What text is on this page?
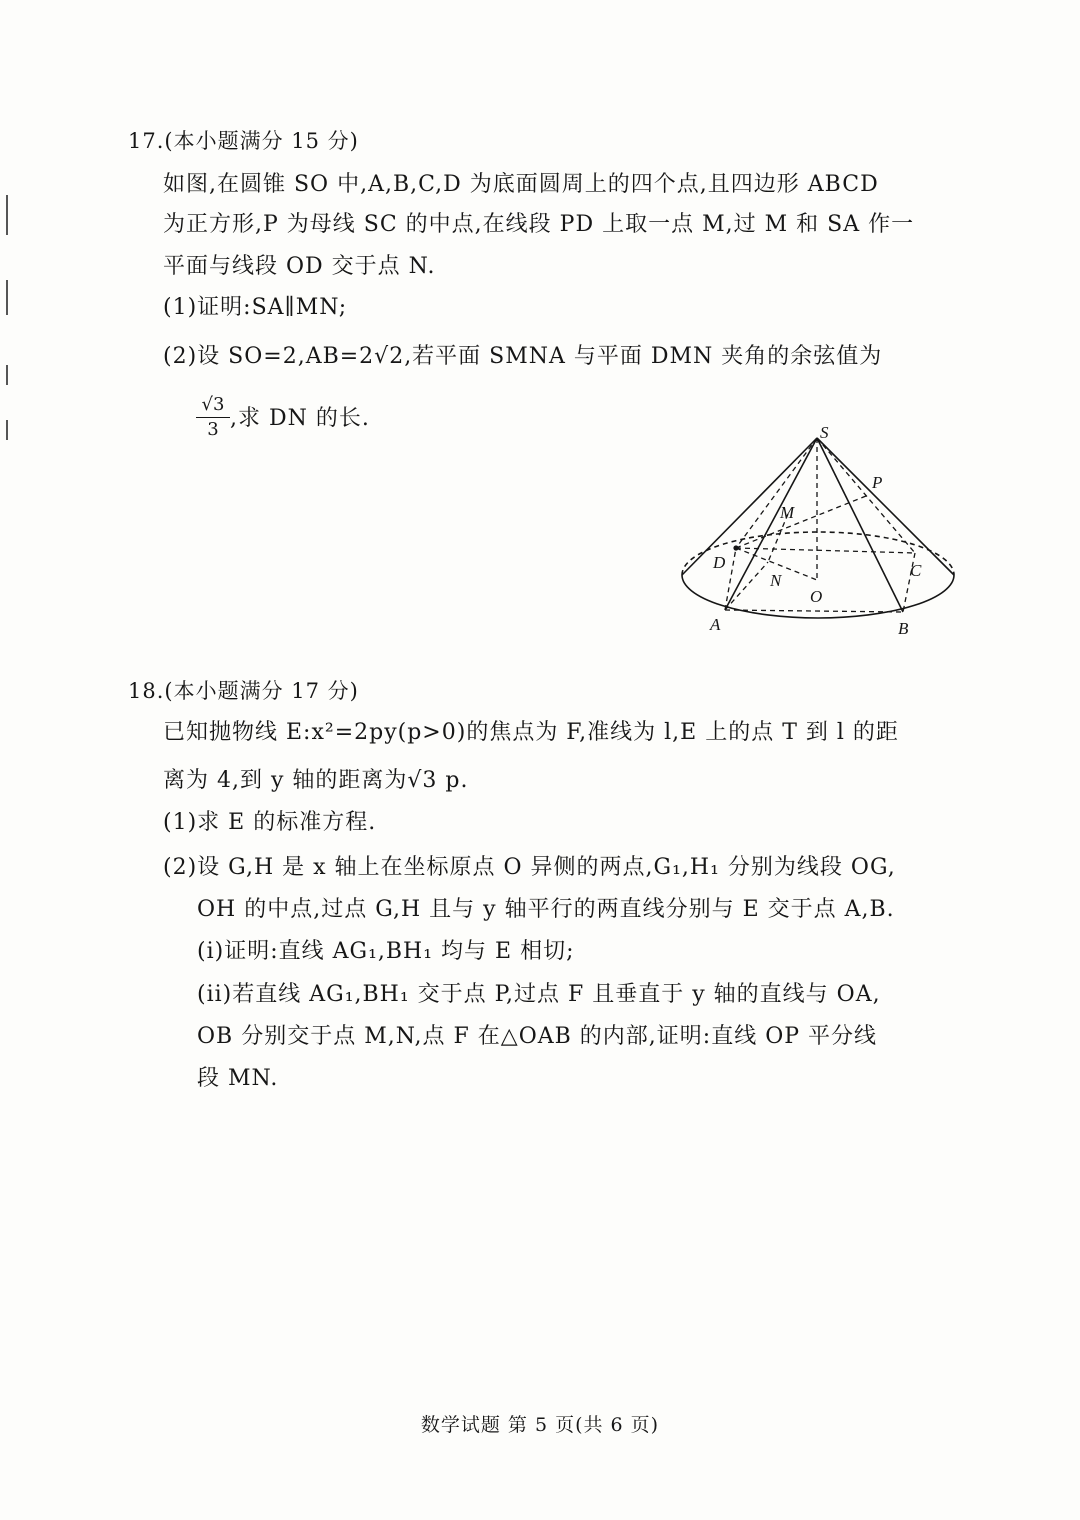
17.(本小题满分 15 分)
如图,在圆锥 SO 中,A,B,C,D 为底面圆周上的四个点,且四边形 ABCD
为正方形,P 为母线 SC 的中点,在线段 PD 上取一点 M,过 M 和 SA 作一
平面与线段 OD 交于点 N.
(1)证明:SA∥MN;
(2)设 SO=2,AB=2√2,若平面 SMNA 与平面 DMN 夹角的余弦值为
$\frac{√3}{3}$ ,求 DN 的长.
S
P
M
D	C
N
O
A	B
18.(本小题满分 17 分)
已知抛物线 E:x²=2py(p>0)的焦点为 F,准线为 l,E 上的点 T 到 l 的距
离为 4,到 y 轴的距离为√3 p.
(1)求 E 的标准方程.
(2)设 G,H 是 x 轴上在坐标原点 O 异侧的两点,G₁,H₁ 分别为线段 OG,
OH 的中点,过点 G,H 且与 y 轴平行的两直线分别与 E 交于点 A,B.
(i)证明:直线 AG₁,BH₁ 均与 E 相切;
(ii)若直线 AG₁,BH₁ 交于点 P,过点 F 且垂直于 y 轴的直线与 OA,
OB 分别交于点 M,N,点 F 在△OAB 的内部,证明:直线 OP 平分线
段 MN.
数学试题 第 5 页(共 6 页)
